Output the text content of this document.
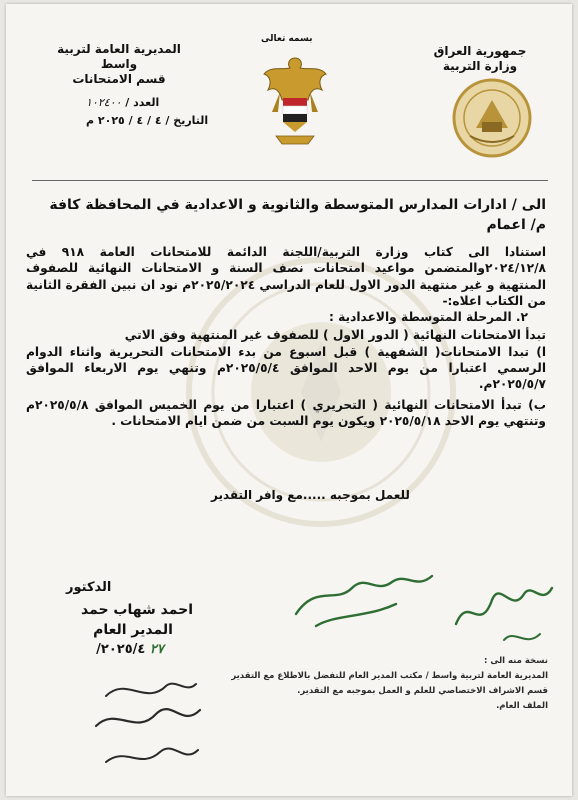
بسمه تعالى
جمهورية العراق
وزارة التربية
المديرية العامة لتربية واسط
قسم الامتحانات
العدد / ١٠٢٤٠٠
التاريخ / ٤ / ٤ / ٢٠٢٥ م
الى / ادارات المدارس المتوسطة والثانوية و الاعدادية في المحافظة كافة
م/ اعمام

استنادا الى كتاب وزارة التربية/اللجنة الدائمة للامتحانات العامة ٩١٨ في ٢٠٢٤/١٢/٨والمتضمن مواعيد امتحانات نصف السنة و الامتحانات النهائية للصفوف المنتهية و غير منتهية الدور الاول للعام الدراسي ٢٠٢٥/٢٠٢٤م نود ان نبين الفقرة الثانية من الكتاب اعلاه:-

٢. المرحلة المتوسطة والاعدادية :

تبدأ الامتحانات النهائية ( الدور الاول ) للصفوف غير المنتهية وفق الاتي

ا) تبدا الامتحانات( الشفهية ) قبل اسبوع من بدء الامتحانات التحريرية واثناء الدوام الرسمي اعتبارا من يوم الاحد الموافق ٢٠٢٥/٥/٤م وتنهي يوم الاربعاء الموافق ٢٠٢٥/٥/٧م.

ب) تبدأ الامتحانات النهائية ( التحريري ) اعتبارا من يوم الخميس الموافق ٢٠٢٥/٥/٨م وتنتهي يوم الاحد ٢٠٢٥/٥/١٨ ويكون يوم السبت من ضمن ايام الامتحانات .

للعمل بموجبه .....مع وافر التقدير
الدكتور
احمد شهاب حمد
المدير العام
٢٧ ٢٠٢٥/٤/
نسخة منه الى :
المديرية العامة لتربية واسط / مكتب المدير العام للتفضل بالاطلاع مع التقدير
قسم الاشراف الاختصاصي للعلم و العمل بموجبه مع التقدير.
الملف العام.
